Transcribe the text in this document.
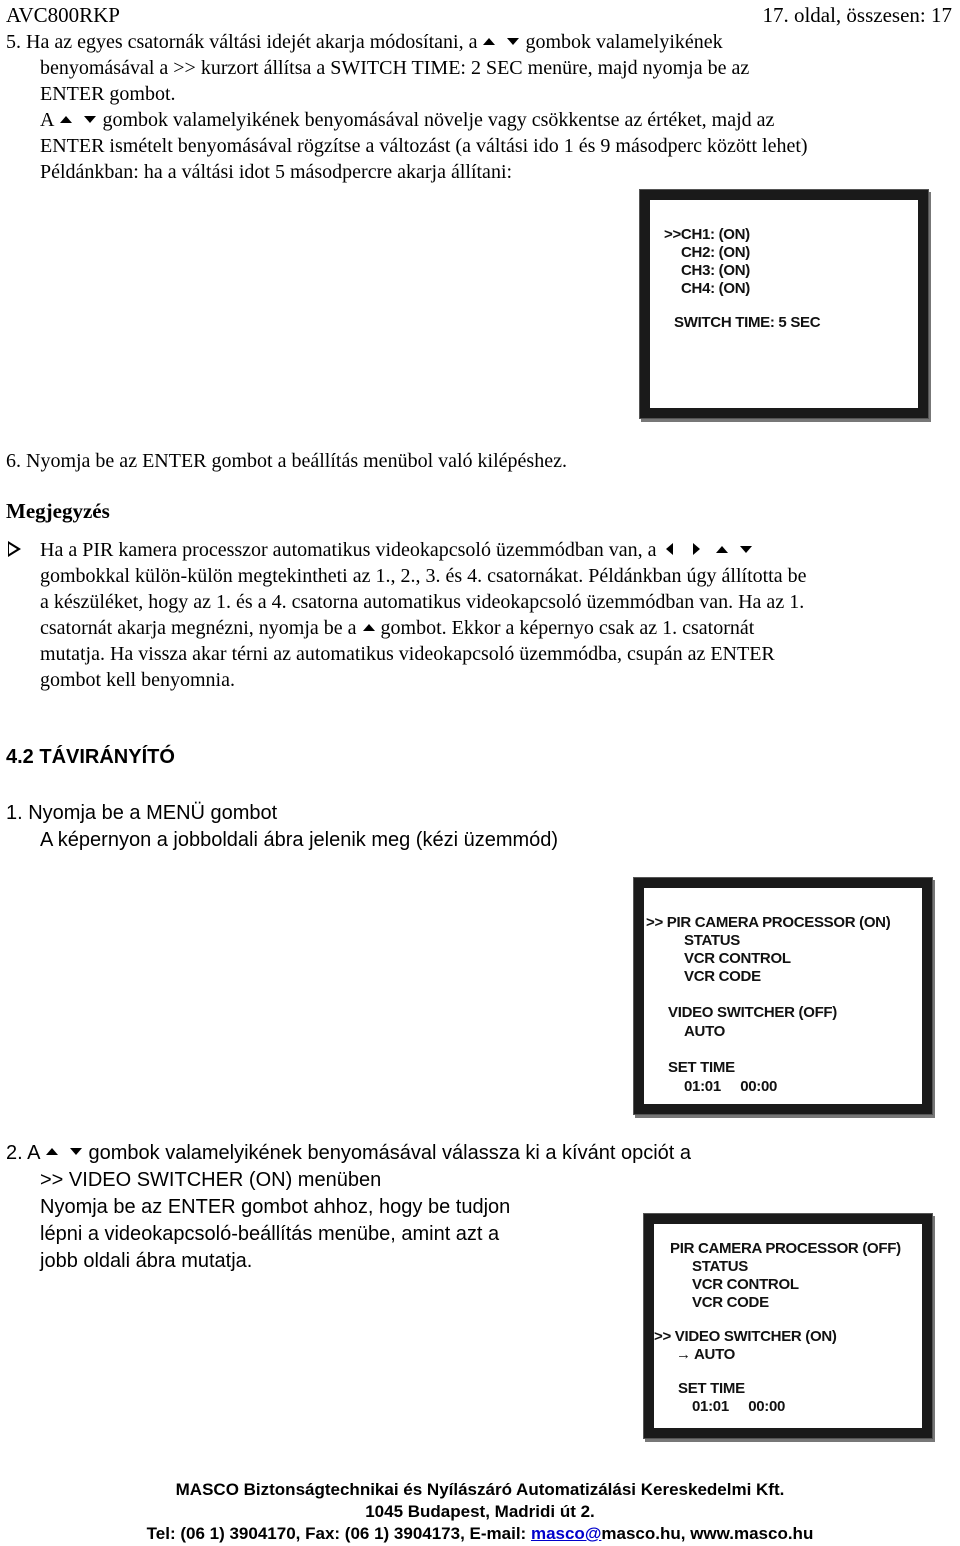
AVC800RKP	17. oldal, összesen: 17
5. Ha az egyes csatornák váltási idejét akarja módosítani, a gombok valamelyikének
benyomásával a >> kurzort állítsa a SWITCH TIME: 2 SEC menüre, majd nyomja be az
ENTER gombot.
A gombok valamelyikének benyomásával növelje vagy csökkentse az értéket, majd az
ENTER ismételt benyomásával rögzítse a változást (a váltási ido 1 és 9 másodperc között lehet)
Példánkban: ha a váltási idot 5 másodpercre akarja állítani:
>>CH1: (ON)
CH2: (ON)
CH3: (ON)
CH4: (ON)
SWITCH TIME: 5 SEC
6. Nyomja be az ENTER gombot a beállítás menübol való kilépéshez.
Megjegyzés
Ha a PIR kamera processzor automatikus videokapcsoló üzemmódban van, a
gombokkal külön-külön megtekintheti az 1., 2., 3. és 4. csatornákat. Példánkban úgy állította be
a készüléket, hogy az 1. és a 4. csatorna automatikus videokapcsoló üzemmódban van. Ha az 1.
csatornát akarja megnézni, nyomja be a gombot. Ekkor a képernyo csak az 1. csatornát
mutatja. Ha vissza akar térni az automatikus videokapcsoló üzemmódba, csupán az ENTER
gombot kell benyomnia.
4.2 TÁVIRÁNYÍTÓ
1. Nyomja be a MENÜ gombot
A képernyon a jobboldali ábra jelenik meg (kézi üzemmód)
>> PIR CAMERA PROCESSOR (ON)
STATUS
VCR CONTROL
VCR CODE
VIDEO SWITCHER (OFF)
AUTO
SET TIME
01:01     00:00
2. A gombok valamelyikének benyomásával válassza ki a kívánt opciót a
>> VIDEO SWITCHER (ON) menüben
Nyomja be az ENTER gombot ahhoz, hogy be tudjon
lépni a videokapcsoló-beállítás menübe, amint azt a
jobb oldali ábra mutatja.
PIR CAMERA PROCESSOR (OFF)
STATUS
VCR CONTROL
VCR CODE
>> VIDEO SWITCHER (ON)
→ AUTO
SET TIME
01:01     00:00
MASCO Biztonságtechnikai és Nyílászáró Automatizálási Kereskedelmi Kft.
1045 Budapest, Madridi út 2.
Tel: (06 1) 3904170, Fax: (06 1) 3904173, E-mail: masco@masco.hu, www.masco.hu
